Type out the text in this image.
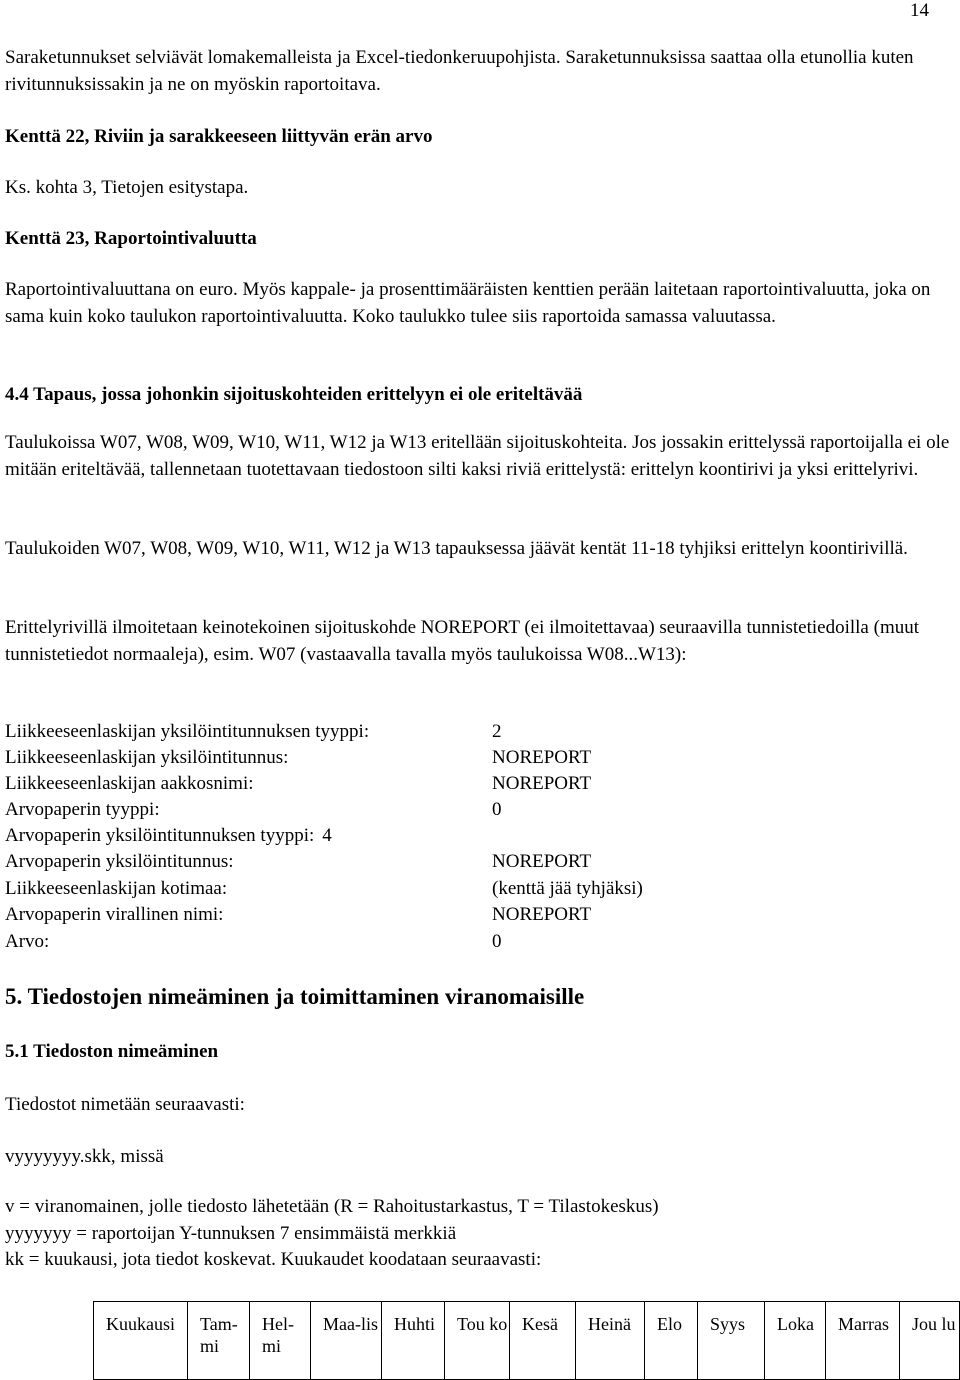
14

Saraketunnukset selviävät lomakemalleista ja Excel-tiedonkeruupohjista. Saraketunnuksissa saattaa olla etunollia kuten rivitunnuksissakin ja ne on myöskin raportoitava.

Kenttä 22, Riviin ja sarakkeeseen liittyvän erän arvo

Ks. kohta 3, Tietojen esitystapa.

Kenttä 23, Raportointivaluutta

Raportointivaluuttana on euro. Myös kappale- ja prosenttimääräisten kenttien perään laitetaan raportointivaluutta, joka on sama kuin koko taulukon raportointivaluutta. Koko taulukko tulee siis raportoida samassa valuutassa.

4.4 Tapaus, jossa johonkin sijoituskohteiden erittelyyn ei ole eriteltävää

Taulukoissa W07, W08, W09, W10, W11, W12 ja W13 eritellään sijoituskohteita. Jos jossakin erittelyssä raportoijalla ei ole mitään eriteltävää, tallennetaan tuotettavaan tiedostoon silti kaksi riviä erittelystä: erittelyn koontirivi ja yksi erittelyrivi.

Taulukoiden W07, W08, W09, W10, W11, W12 ja W13 tapauksessa jäävät kentät 11-18 tyhjiksi erittelyn koontirivillä.

Erittelyrivillä ilmoitetaan keinotekoinen sijoituskohde NOREPORT (ei ilmoitettavaa) seuraavilla tunnistetiedoilla (muut tunnistetiedot normaaleja), esim. W07 (vastaavalla tavalla myös taulukoissa W08...W13):

Liikkeeseenlaskijan yksilöintitunnuksen tyyppi:	2
Liikkeeseenlaskijan yksilöintitunnus:	NOREPORT
Liikkeeseenlaskijan aakkosnimi:	NOREPORT
Arvopaperin tyyppi:	0
Arvopaperin yksilöintitunnuksen tyyppi: 4
Arvopaperin yksilöintitunnus:	NOREPORT
Liikkeeseenlaskijan kotimaa:	(kenttä jää tyhjäksi)
Arvopaperin virallinen nimi:	NOREPORT
Arvo:	0

5. Tiedostojen nimeäminen ja toimittaminen viranomaisille

5.1 Tiedoston nimeäminen

Tiedostot nimetään seuraavasti:

vyyyyyyy.skk, missä

v = viranomainen, jolle tiedosto lähetetään (R = Rahoitustarkastus, T = Tilastokeskus)

yyyyyyy = raportoijan Y-tunnuksen 7 ensimmäistä merkkiä

kk = kuukausi, jota tiedot koskevat. Kuukaudet koodataan seuraavasti:

Kuukausi	Tam-mi	Hel-mi	Maa-lis	Huhti	Tou ko	Kesä	Heinä	Elo	Syys	Loka	Marras	Jou lu
